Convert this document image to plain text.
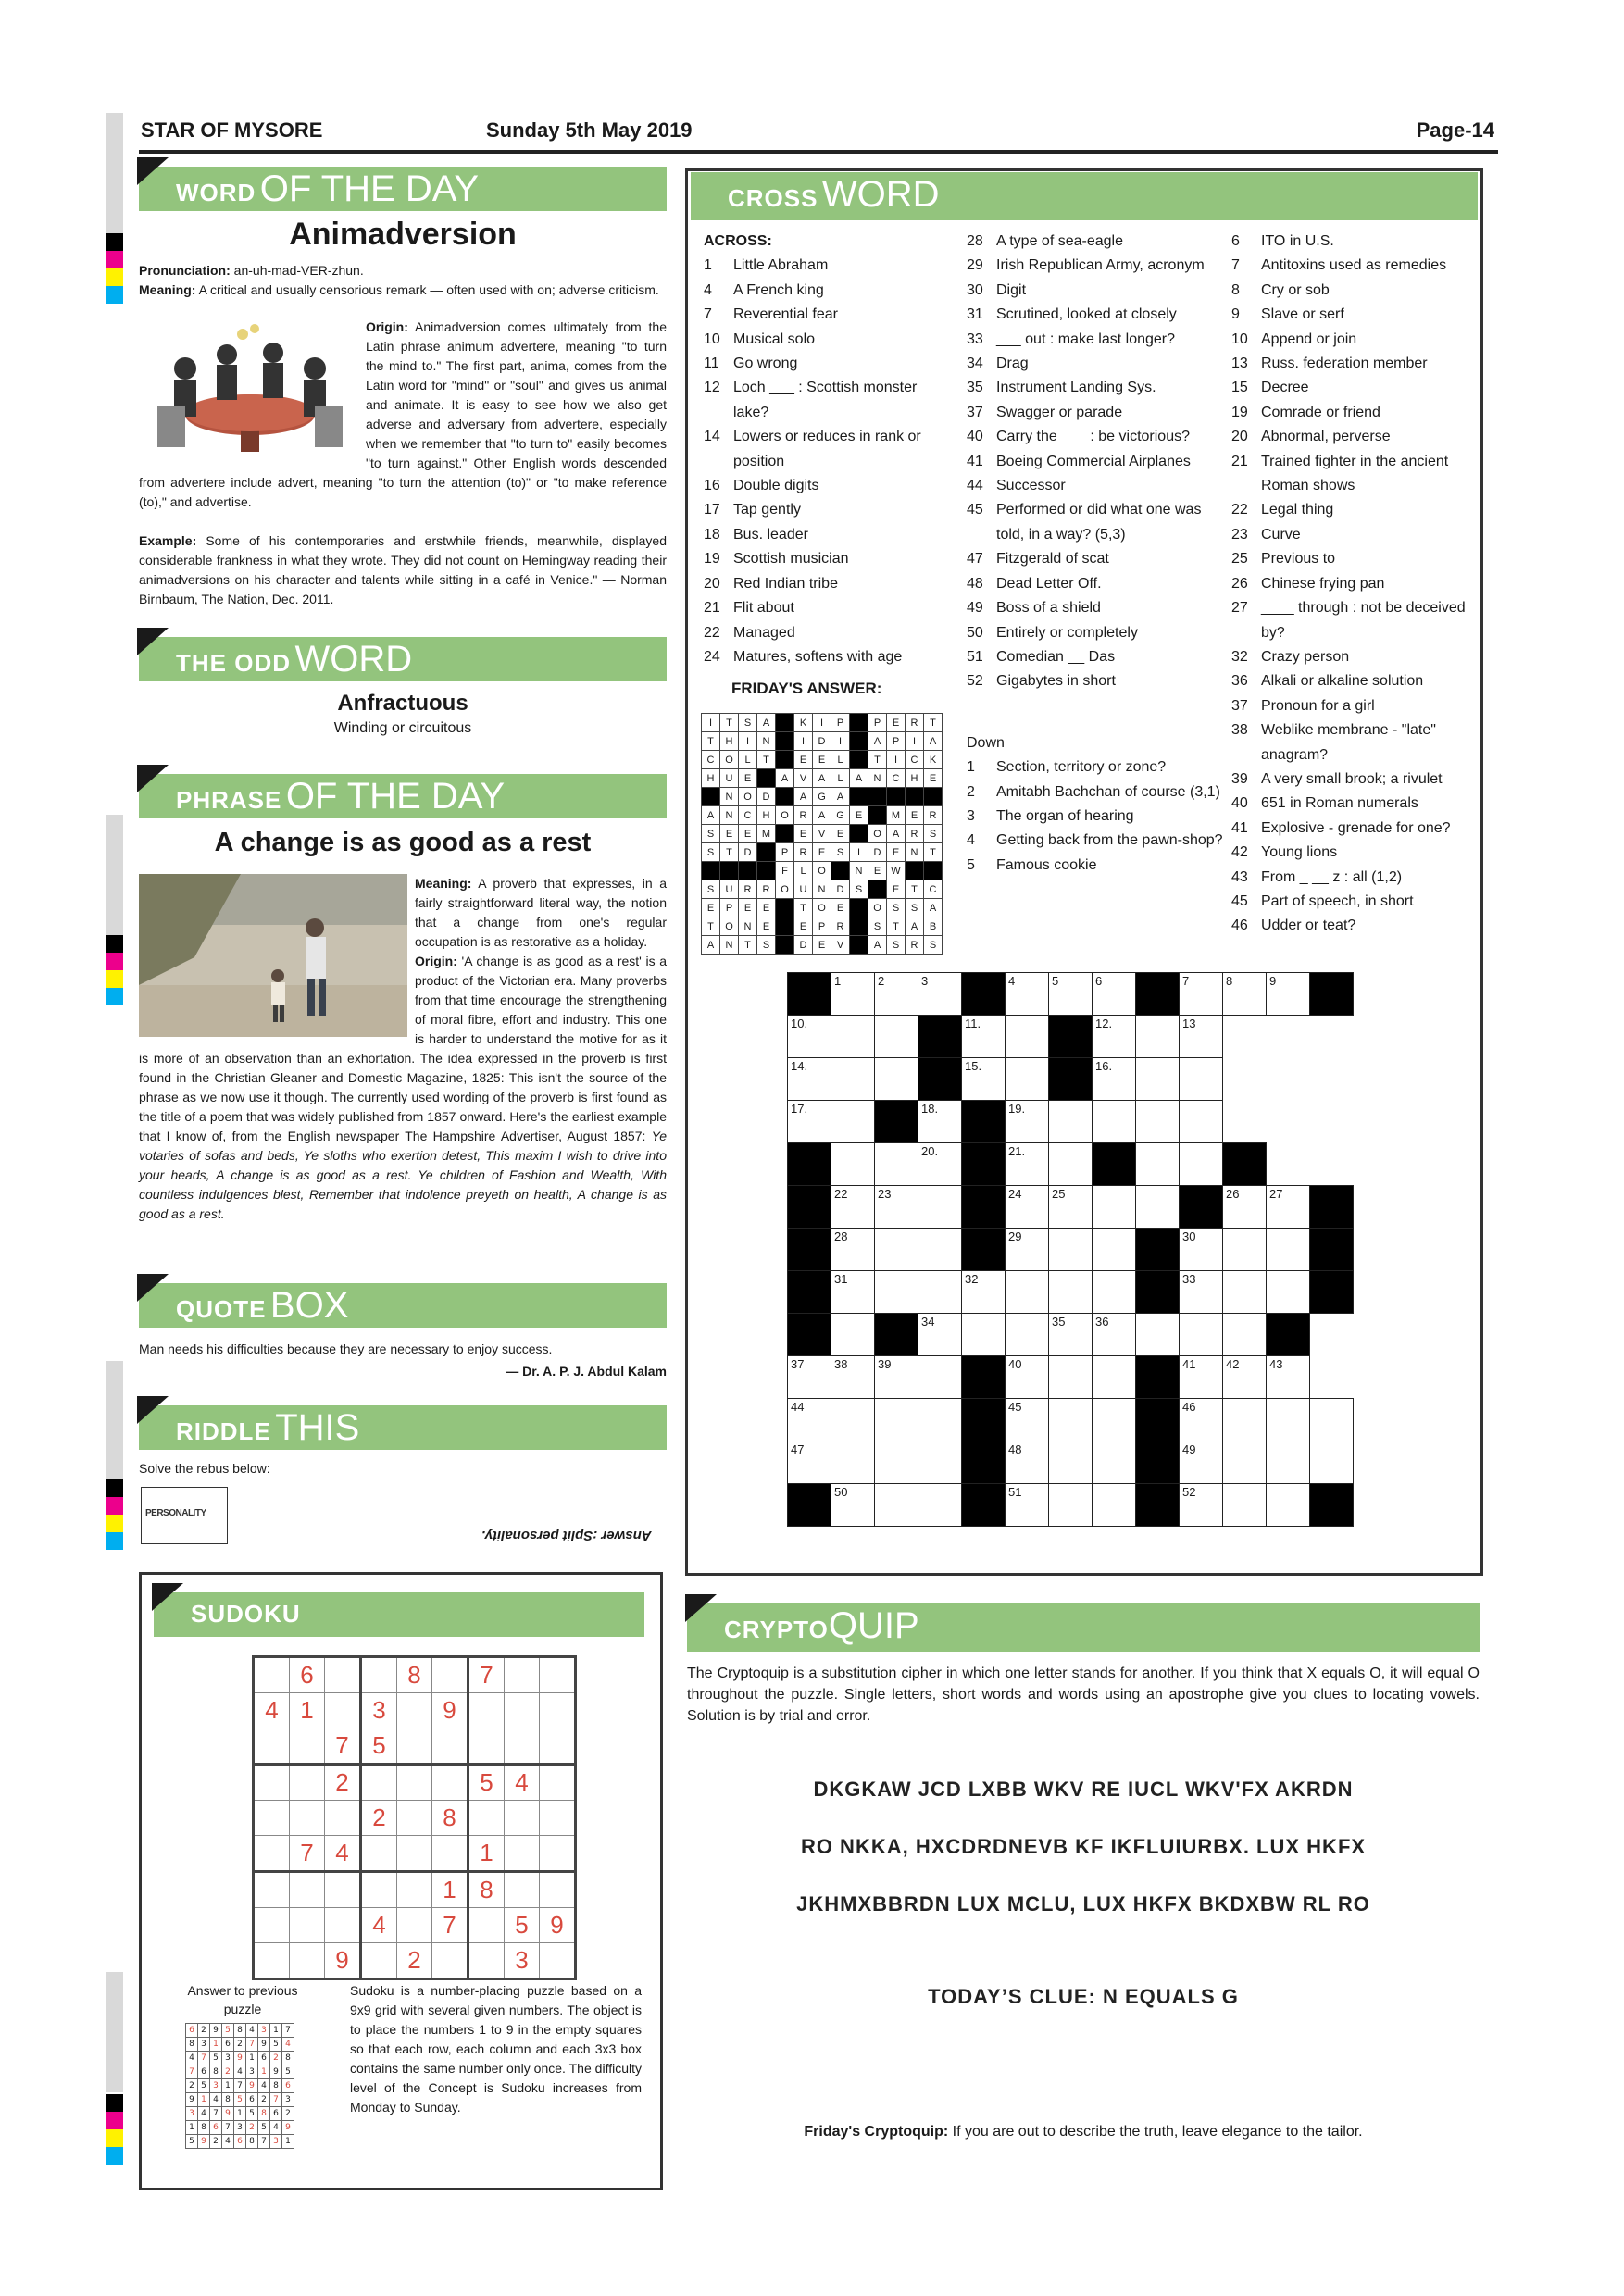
STAR OF MYSORE	Sunday 5th May 2019	Page-14
WORD OF THE DAY
Animadversion
Pronunciation: an-uh-mad-VER-zhun.
Meaning: A critical and usually censorious remark — often used with on; adverse criticism.
Origin: Animadversion comes ultimately from the Latin phrase animum advertere, meaning "to turn the mind to." The first part, anima, comes from the Latin word for "mind" or "soul" and gives us animal and animate. It is easy to see how we also get adverse and adversary from advertere, especially when we remember that "to turn to" easily becomes "to turn against." Other English words descended from advertere include advert, meaning "to turn the attention (to)" or "to make reference (to)," and advertise.
Example: Some of his contemporaries and erstwhile friends, meanwhile, displayed considerable frankness in what they wrote. They did not count on Hemingway reading their animadversions on his character and talents while sitting in a café in Venice." — Norman Birnbaum, The Nation, Dec. 2011.
THE ODD WORD
Anfractuous
Winding or circuitous
PHRASE OF THE DAY
A change is as good as a rest
Meaning: A proverb that expresses, in a fairly straightforward literal way, the notion that a change from one's regular occupation is as restorative as a holiday.
Origin: 'A change is as good as a rest' is a product of the Victorian era. Many proverbs from that time encourage the strengthening of moral fibre, effort and industry. This one is harder to understand the motive for as it is more of an observation than an exhortation. The idea expressed in the proverb is first found in the Christian Gleaner and Domestic Magazine, 1825: This isn't the source of the phrase as we now use it though. The currently used wording of the proverb is first found as the title of a poem that was widely published from 1857 onward. Here's the earliest example that I know of, from the English newspaper The Hampshire Advertiser, August 1857: Ye votaries of sofas and beds, Ye sloths who exertion detest, This maxim I wish to drive into your heads, A change is as good as a rest. Ye children of Fashion and Wealth, With countless indulgences blest, Remember that indolence preyeth on health, A change is as good as a rest.
QUOTE BOX
Man needs his difficulties because they are necessary to enjoy success.
— Dr. A. P. J. Abdul Kalam
RIDDLE THIS
Solve the rebus below:
PERSONALITY
Answer :Split personality.
SUDOKU
	6			8		7		
4	1		3		9			
		7	5					
		2				5	4	
			2		8			
	7	4				1		
					1	8		
			4		7		5	9
		9		2			3	
Answer to previous puzzle
6	2	9	5	8	4	3	1	7
8	3	1	6	2	7	9	5	4
4	7	5	3	9	1	6	2	8
7	6	8	2	4	3	1	9	5
2	5	3	1	7	9	4	8	6
9	1	4	8	5	6	2	7	3
3	4	7	9	1	5	8	6	2
1	8	6	7	3	2	5	4	9
5	9	2	4	6	8	7	3	1
Sudoku is a number-placing puzzle based on a 9x9 grid with several given numbers. The object is to place the numbers 1 to 9 in the empty squares so that each row, each column and each 3x3 box contains the same number only once. The difficulty level of the Concept is Sudoku increases from Monday to Sunday.
CROSS WORD
ACROSS:
1	Little Abraham
4	A French king
7	Reverential fear
10 Musical solo
11 Go wrong
12 Loch ___ : Scottish monster lake?
14 Lowers or reduces in rank or position
16 Double digits
17 Tap gently
18 Bus. leader
19 Scottish musician
20 Red Indian tribe
21 Flit about
22 Managed
24 Matures, softens with age
FRIDAY'S ANSWER:
I	T	S	A		K	I	P		P	E	R	T
T	H	I	N		I	D	I		A	P	I	A
C	O	L	T		E	E	L		T	I	C	K
H	U	E		A	V	A	L	A	N	C	H	E
	N	O	D		A	G	A					
A	N	C	H	O	R	A	G	E		M	E	R
S	E	E	M		E	V	E		O	A	R	S
S	T	D		P	R	E	S	I	D	E	N	T
				F	L	O		N	E	W		
S	U	R	R	O	U	N	D	S		E	T	C
E	P	E	E		T	O	E		O	S	S	A
T	O	N	E		E	P	R		S	T	A	B
A	N	T	S		D	E	V		A	S	R	S
28 A type of sea-eagle
29 Irish Republican Army, acronym
30 Digit
31 Scrutined, looked at closely
33 ___ out : make last longer?
34 Drag
35 Instrument Landing Sys.
37 Swagger or parade
40 Carry the ___ : be victorious?
41 Boeing Commercial Airplanes
44 Successor
45 Performed or did what one was told, in a way? (5,3)
47 Fitzgerald of scat
48 Dead Letter Off.
49 Boss of a shield
50 Entirely or completely
51 Comedian __ Das
52 Gigabytes in short
Down
1	Section, territory or zone?
2	Amitabh Bachchan of course (3,1)
3	The organ of hearing
4	Getting back from the pawn-shop?
5	Famous cookie
6	ITO in U.S.
7	Antitoxins used as remedies
8	Cry or sob
9	Slave or serf
10 Append or join
13 Russ. federation member
15 Decree
19 Comrade or friend
20 Abnormal, perverse
21 Trained fighter in the ancient Roman shows
22 Legal thing
23 Curve
25 Previous to
26 Chinese frying pan
27 ____ through : not be deceived by?
32 Crazy person
36 Alkali or alkaline solution
37 Pronoun for a girl
38 Weblike membrane - "late" anagram?
39 A very small brook; a rivulet
40 651 in Roman numerals
41 Explosive - grenade for one?
42 Young lions
43 From _ __ z : all (1,2)
45 Part of speech, in short
46 Udder or teat?

	1	2	3		4	5	6		7	8	9	

10.				11.			12.		13			

14.				15.			16.					

17.			18.		19.							

			20.		21.							

	22	23			24	25				26	27	

	28				29				30			

	31			32					33			

			34			35	36					

37	38	39			40				41	42	43	

44					45				46			

47					48				49			

	50				51				52			

CRYPTOQUIP
The Cryptoquip is a substitution cipher in which one letter stands for another. If you think that X equals O, it will equal O throughout the puzzle. Single letters, short words and words using an apostrophe give you clues to locating vowels. Solution is by trial and error.
DKGKAW JCD LXBB WKV RE IUCL WKV'FX AKRDN
RO NKKA, HXCDRDNEVB KF IKFLUIURBX. LUX HKFX
JKHMXBBRDN LUX MCLU, LUX HKFX BKDXBW RL RO
TODAY’S CLUE: N EQUALS G
Friday's Cryptoquip: If you are out to describe the truth, leave elegance to the tailor.
